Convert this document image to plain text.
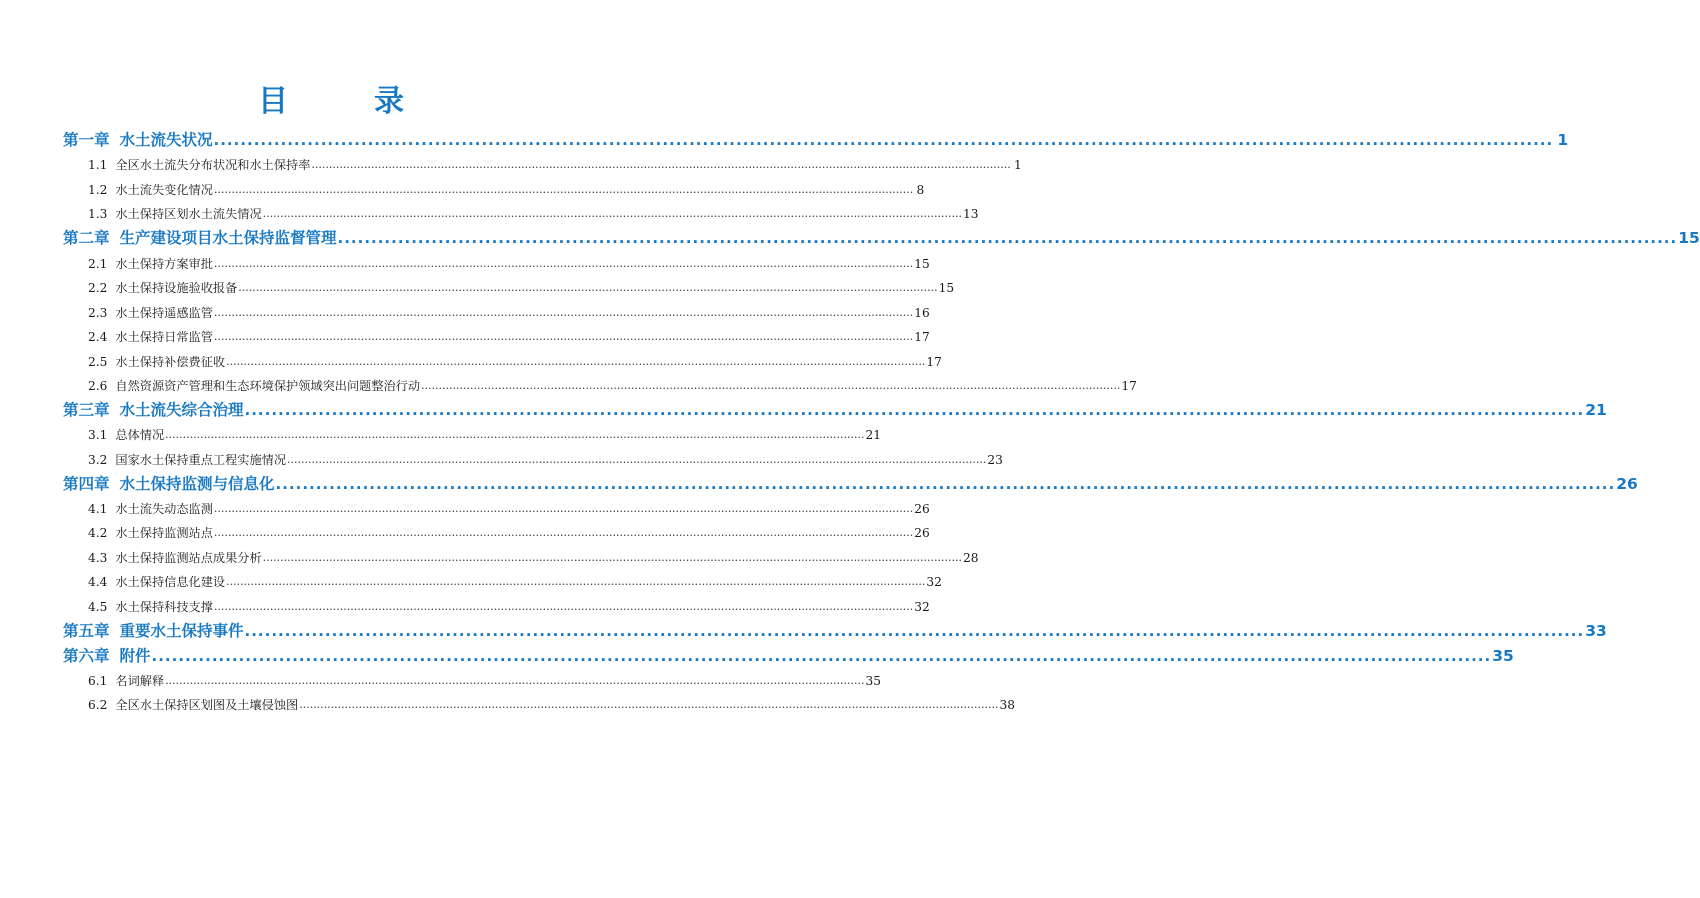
目　录
第一章 水土流失状况 ........................................................................................................................................................................................................ 1
1.1 全区水土流失分布状况和水土保持率 ........................................................................................................................................................................................................ 1
1.2 水土流失变化情况 ........................................................................................................................................................................................................ 8
1.3 水土保持区划水土流失情况 ........................................................................................................................................................................................................ 13
第二章 生产建设项目水土保持监督管理 ........................................................................................................................................................................................................ 15
2.1 水土保持方案审批 ........................................................................................................................................................................................................ 15
2.2 水土保持设施验收报备 ........................................................................................................................................................................................................ 15
2.3 水土保持遥感监管 ........................................................................................................................................................................................................ 16
2.4 水土保持日常监管 ........................................................................................................................................................................................................ 17
2.5 水土保持补偿费征收 ........................................................................................................................................................................................................ 17
2.6 自然资源资产管理和生态环境保护领域突出问题整治行动 ........................................................................................................................................................................................................ 17
第三章 水土流失综合治理 ........................................................................................................................................................................................................ 21
3.1 总体情况 ........................................................................................................................................................................................................ 21
3.2 国家水土保持重点工程实施情况 ........................................................................................................................................................................................................ 23
第四章 水土保持监测与信息化 ........................................................................................................................................................................................................ 26
4.1 水土流失动态监测 ........................................................................................................................................................................................................ 26
4.2 水土保持监测站点 ........................................................................................................................................................................................................ 26
4.3 水土保持监测站点成果分析 ........................................................................................................................................................................................................ 28
4.4 水土保持信息化建设 ........................................................................................................................................................................................................ 32
4.5 水土保持科技支撑 ........................................................................................................................................................................................................ 32
第五章 重要水土保持事件 ........................................................................................................................................................................................................ 33
第六章 附件 ........................................................................................................................................................................................................ 35
6.1 名词解释 ........................................................................................................................................................................................................ 35
6.2 全区水土保持区划图及土壤侵蚀图 ........................................................................................................................................................................................................ 38
